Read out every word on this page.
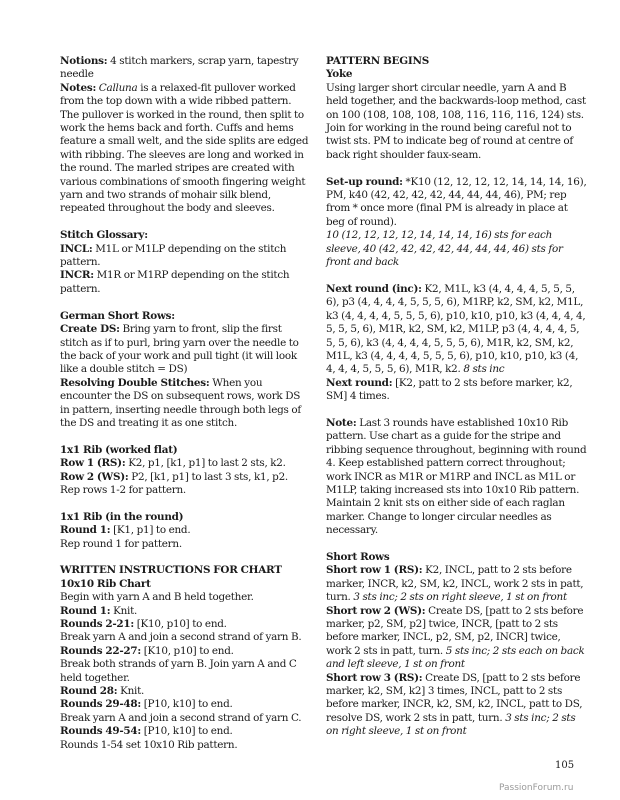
Notions: 4 stitch markers, scrap yarn, tapestry needle
Notes: Calluna is a relaxed-fit pullover worked from the top down with a wide ribbed pattern. The pullover is worked in the round, then split to work the hems back and forth. Cuffs and hems feature a small welt, and the side splits are edged with ribbing. The sleeves are long and worked in the round. The marled stripes are created with various combinations of smooth fingering weight yarn and two strands of mohair silk blend, repeated throughout the body and sleeves.

Stitch Glossary:
INCL: M1L or M1LP depending on the stitch pattern.
INCR: M1R or M1RP depending on the stitch pattern.

German Short Rows:
Create DS: Bring yarn to front, slip the first stitch as if to purl, bring yarn over the needle to the back of your work and pull tight (it will look like a double stitch = DS)
Resolving Double Stitches: When you encounter the DS on subsequent rows, work DS in pattern, inserting needle through both legs of the DS and treating it as one stitch.

1x1 Rib (worked flat)
Row 1 (RS): K2, p1, [k1, p1] to last 2 sts, k2.
Row 2 (WS): P2, [k1, p1] to last 3 sts, k1, p2.
Rep rows 1-2 for pattern.

1x1 Rib (in the round)
Round 1: [K1, p1] to end.
Rep round 1 for pattern.

WRITTEN INSTRUCTIONS FOR CHART
10x10 Rib Chart
Begin with yarn A and B held together.
Round 1: Knit.
Rounds 2-21: [K10, p10] to end.
Break yarn A and join a second strand of yarn B.
Rounds 22-27: [K10, p10] to end.
Break both strands of yarn B. Join yarn A and C held together.
Round 28: Knit.
Rounds 29-48: [P10, k10] to end.
Break yarn A and join a second strand of yarn C.
Rounds 49-54: [P10, k10] to end.
Rounds 1-54 set 10x10 Rib pattern.

PATTERN BEGINS
Yoke
Using larger short circular needle, yarn A and B held together, and the backwards-loop method, cast on 100 (108, 108, 108, 108, 116, 116, 116, 124) sts. Join for working in the round being careful not to twist sts. PM to indicate beg of round at centre of back right shoulder faux-seam.

Set-up round: *K10 (12, 12, 12, 12, 14, 14, 14, 16), PM, k40 (42, 42, 42, 42, 44, 44, 44, 46), PM; rep from * once more (final PM is already in place at beg of round).
10 (12, 12, 12, 12, 14, 14, 14, 16) sts for each sleeve, 40 (42, 42, 42, 42, 44, 44, 44, 46) sts for front and back

Next round (inc): K2, M1L, k3 (4, 4, 4, 4, 5, 5, 5, 6), p3 (4, 4, 4, 4, 5, 5, 5, 6), M1RP, k2, SM, k2, M1L, k3 (4, 4, 4, 4, 5, 5, 5, 6), p10, k10, p10, k3 (4, 4, 4, 4, 5, 5, 5, 6), M1R, k2, SM, k2, M1LP, p3 (4, 4, 4, 4, 5, 5, 5, 6), k3 (4, 4, 4, 4, 5, 5, 5, 6), M1R, k2, SM, k2, M1L, k3 (4, 4, 4, 4, 5, 5, 5, 6), p10, k10, p10, k3 (4, 4, 4, 4, 5, 5, 5, 6), M1R, k2. 8 sts inc
Next round: [K2, patt to 2 sts before marker, k2, SM] 4 times.

Note: Last 3 rounds have established 10x10 Rib pattern. Use chart as a guide for the stripe and ribbing sequence throughout, beginning with round 4. Keep established pattern correct throughout; work INCR as M1R or M1RP and INCL as M1L or M1LP, taking increased sts into 10x10 Rib pattern. Maintain 2 knit sts on either side of each raglan marker. Change to longer circular needles as necessary.

Short Rows
Short row 1 (RS): K2, INCL, patt to 2 sts before marker, INCR, k2, SM, k2, INCL, work 2 sts in patt, turn. 3 sts inc; 2 sts on right sleeve, 1 st on front
Short row 2 (WS): Create DS, [patt to 2 sts before marker, p2, SM, p2] twice, INCR, [patt to 2 sts before marker, INCL, p2, SM, p2, INCR] twice, work 2 sts in patt, turn. 5 sts inc; 2 sts each on back and left sleeve, 1 st on front
Short row 3 (RS): Create DS, [patt to 2 sts before marker, k2, SM, k2] 3 times, INCL, patt to 2 sts before marker, INCR, k2, SM, k2, INCL, patt to DS, resolve DS, work 2 sts in patt, turn. 3 sts inc; 2 sts on right sleeve, 1 st on front

105
PassionForum.ru
